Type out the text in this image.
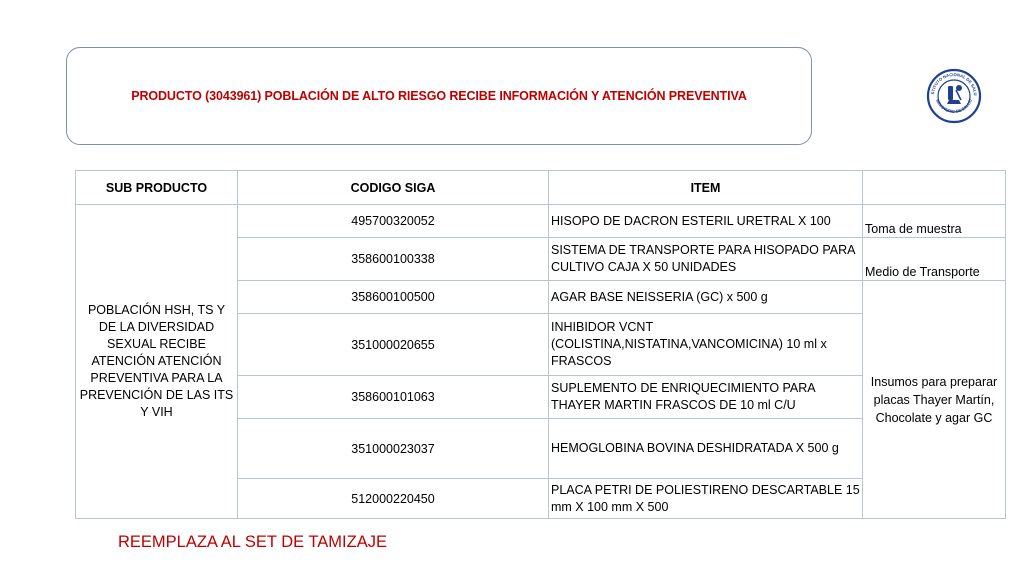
PRODUCTO (3043961) POBLACIÓN DE ALTO RIESGO RECIBE INFORMACIÓN Y ATENCIÓN PREVENTIVA	STITUTO NACIONAL DE SALU
MINISTERIO DE SALUD
SUB PRODUCTO	CODIGO SIGA	ITEM	
POBLACIÓN HSH, TS Y DE LA DIVERSIDAD SEXUAL RECIBE ATENCIÓN ATENCIÓN PREVENTIVA PARA LA PREVENCIÓN DE LAS ITS Y VIH	495700320052	HISOPO DE DACRON ESTERIL URETRAL X 100	Toma de muestra
	358600100338	SISTEMA DE TRANSPORTE PARA HISOPADO PARA CULTIVO CAJA X 50 UNIDADES	Medio de Transporte
	358600100500	AGAR BASE NEISSERIA (GC) x 500 g	Insumos para preparar placas Thayer Martín, Chocolate y agar GC
	351000020655	INHIBIDOR VCNT (COLISTINA,NISTATINA,VANCOMICINA) 10 ml x FRASCOS	
	358600101063	SUPLEMENTO DE ENRIQUECIMIENTO PARA THAYER MARTIN FRASCOS DE 10 ml C/U	
	351000023037	HEMOGLOBINA BOVINA DESHIDRATADA X 500 g	
	512000220450	PLACA PETRI DE POLIESTIRENO DESCARTABLE 15 mm X 100 mm X 500	
REEMPLAZA AL SET DE TAMIZAJE
